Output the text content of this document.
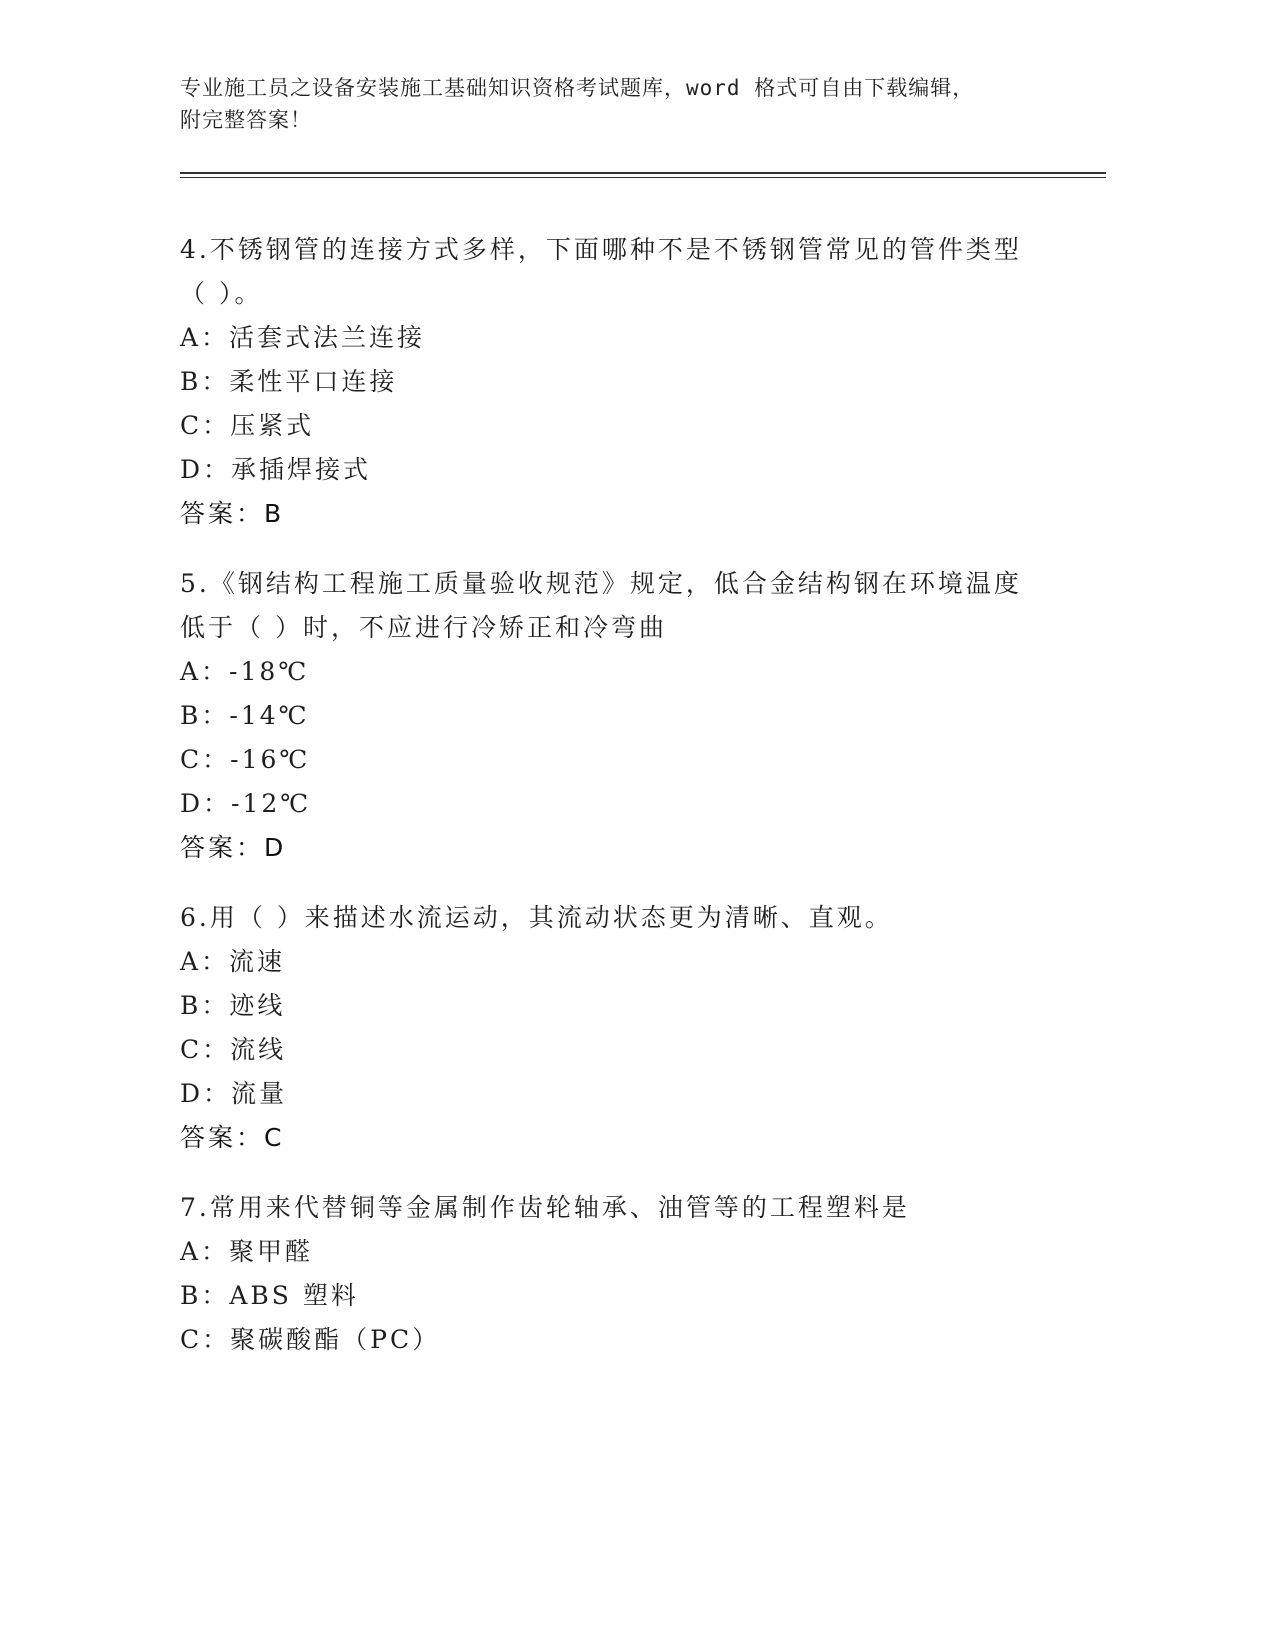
专业施工员之设备安装施工基础知识资格考试题库，word 格式可自由下载编辑，
附完整答案！
4.不锈钢管的连接方式多样，下面哪种不是不锈钢管常见的管件类型
（ ）。
A：活套式法兰连接
B：柔性平口连接
C：压紧式
D：承插焊接式
答案：B
5.《钢结构工程施工质量验收规范》规定，低合金结构钢在环境温度
低于（ ）时，不应进行冷矫正和冷弯曲
A：-18℃
B：-14℃
C：-16℃
D：-12℃
答案：D
6.用（ ）来描述水流运动，其流动状态更为清晰、直观。
A：流速
B：迹线
C：流线
D：流量
答案：C
7.常用来代替铜等金属制作齿轮轴承、油管等的工程塑料是
A：聚甲醛
B：ABS 塑料
C：聚碳酸酯（PC）
